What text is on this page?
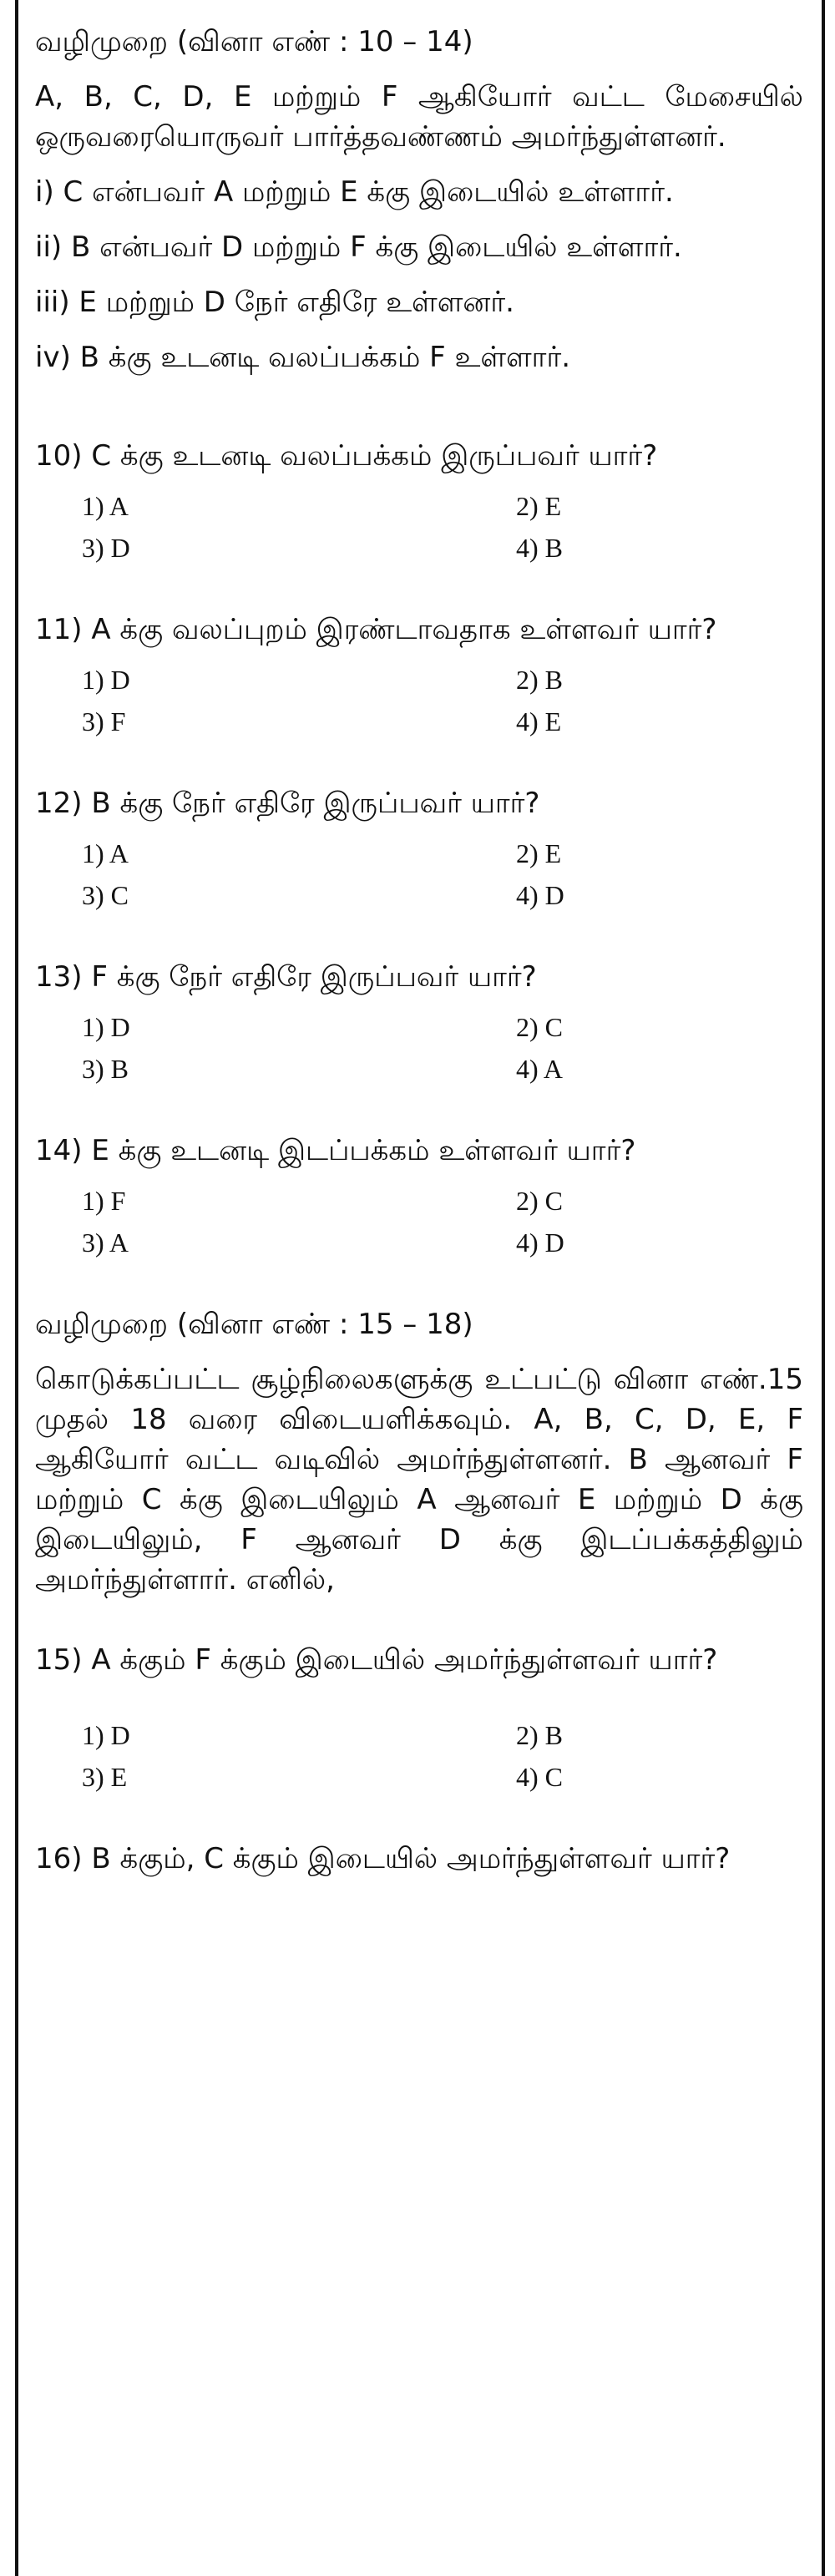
வழிமுறை (வினா எண் : 10 – 14)
A, B, C, D, E மற்றும் F ஆகியோர் வட்ட மேசையில் ஒருவரையொருவர் பார்த்தவண்ணம் அமர்ந்துள்ளனர்.
i) C என்பவர் A மற்றும் E க்கு இடையில் உள்ளார்.
ii) B என்பவர் D மற்றும் F க்கு இடையில் உள்ளார்.
iii) E மற்றும் D நேர் எதிரே உள்ளனர்.
iv) B க்கு உடனடி வலப்பக்கம் F உள்ளார்.
10) C க்கு உடனடி வலப்பக்கம் இருப்பவர் யார்?
1) A	2) E
3) D	4) B
11) A க்கு வலப்புறம் இரண்டாவதாக உள்ளவர் யார்?
1) D	2) B
3) F	4) E
12) B க்கு நேர் எதிரே இருப்பவர் யார்?
1) A	2) E
3) C	4) D
13) F க்கு நேர் எதிரே இருப்பவர் யார்?
1) D	2) C
3) B	4) A
14) E க்கு உடனடி இடப்பக்கம் உள்ளவர் யார்?
1) F	2) C
3) A	4) D
வழிமுறை (வினா எண் : 15 – 18)
கொடுக்கப்பட்ட சூழ்நிலைகளுக்கு உட்பட்டு வினா எண்.15 முதல் 18 வரை விடையளிக்கவும். A, B, C, D, E, F ஆகியோர் வட்ட வடிவில் அமர்ந்துள்ளனர். B ஆனவர் F மற்றும் C க்கு இடையிலும் A ஆனவர் E மற்றும் D க்கு இடையிலும், F ஆனவர் D க்கு இடப்பக்கத்திலும் அமர்ந்துள்ளார். எனில்,
15) A க்கும் F க்கும் இடையில் அமர்ந்துள்ளவர் யார்?
1) D	2) B
3) E	4) C
16) B க்கும், C க்கும் இடையில் அமர்ந்துள்ளவர் யார்?
